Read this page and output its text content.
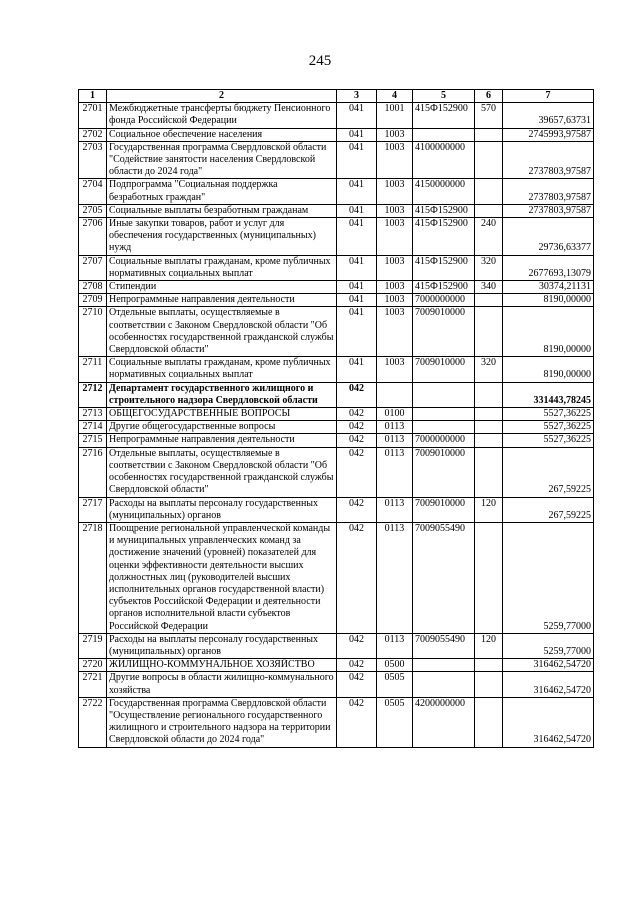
245
1	2	3	4	5	6	7
2701	Межбюджетные трансферты бюджету Пенсионного фонда Российской Федерации	041	1001	415Ф152900	570	39657,63731
2702	Социальное обеспечение населения	041	1003			2745993,97587
2703	Государственная программа Свердловской области "Содействие занятости населения Свердловской области до 2024 года"	041	1003	4100000000		2737803,97587
2704	Подпрограмма "Социальная поддержка безработных граждан"	041	1003	4150000000		2737803,97587
2705	Социальные выплаты безработным гражданам	041	1003	415Ф152900		2737803,97587
2706	Иные закупки товаров, работ и услуг для обеспечения государственных (муниципальных) нужд	041	1003	415Ф152900	240	29736,63377
2707	Социальные выплаты гражданам, кроме публичных нормативных социальных выплат	041	1003	415Ф152900	320	2677693,13079
2708	Стипендии	041	1003	415Ф152900	340	30374,21131
2709	Непрограммные направления деятельности	041	1003	7000000000		8190,00000
2710	Отдельные выплаты, осуществляемые в соответствии с Законом Свердловской области "Об особенностях государственной гражданской службы Свердловской области"	041	1003	7009010000		8190,00000
2711	Социальные выплаты гражданам, кроме публичных нормативных социальных выплат	041	1003	7009010000	320	8190,00000
2712	Департамент государственного жилищного и строительного надзора Свердловской области	042				331443,78245
2713	ОБЩЕГОСУДАРСТВЕННЫЕ ВОПРОСЫ	042	0100			5527,36225
2714	Другие общегосударственные вопросы	042	0113			5527,36225
2715	Непрограммные направления деятельности	042	0113	7000000000		5527,36225
2716	Отдельные выплаты, осуществляемые в соответствии с Законом Свердловской области "Об особенностях государственной гражданской службы Свердловской области"	042	0113	7009010000		267,59225
2717	Расходы на выплаты персоналу государственных (муниципальных) органов	042	0113	7009010000	120	267,59225
2718	Поощрение региональной управленческой команды и муниципальных управленческих команд за достижение значений (уровней) показателей для оценки эффективности деятельности высших должностных лиц (руководителей высших исполнительных органов государственной власти) субъектов Российской Федерации и деятельности органов исполнительной власти субъектов Российской Федерации	042	0113	7009055490		5259,77000
2719	Расходы на выплаты персоналу государственных (муниципальных) органов	042	0113	7009055490	120	5259,77000
2720	ЖИЛИЩНО-КОММУНАЛЬНОЕ ХОЗЯЙСТВО	042	0500			316462,54720
2721	Другие вопросы в области жилищно-коммунального хозяйства	042	0505			316462,54720
2722	Государственная программа Свердловской области "Осуществление регионального государственного жилищного и строительного надзора на территории Свердловской области до 2024 года"	042	0505	4200000000		316462,54720
